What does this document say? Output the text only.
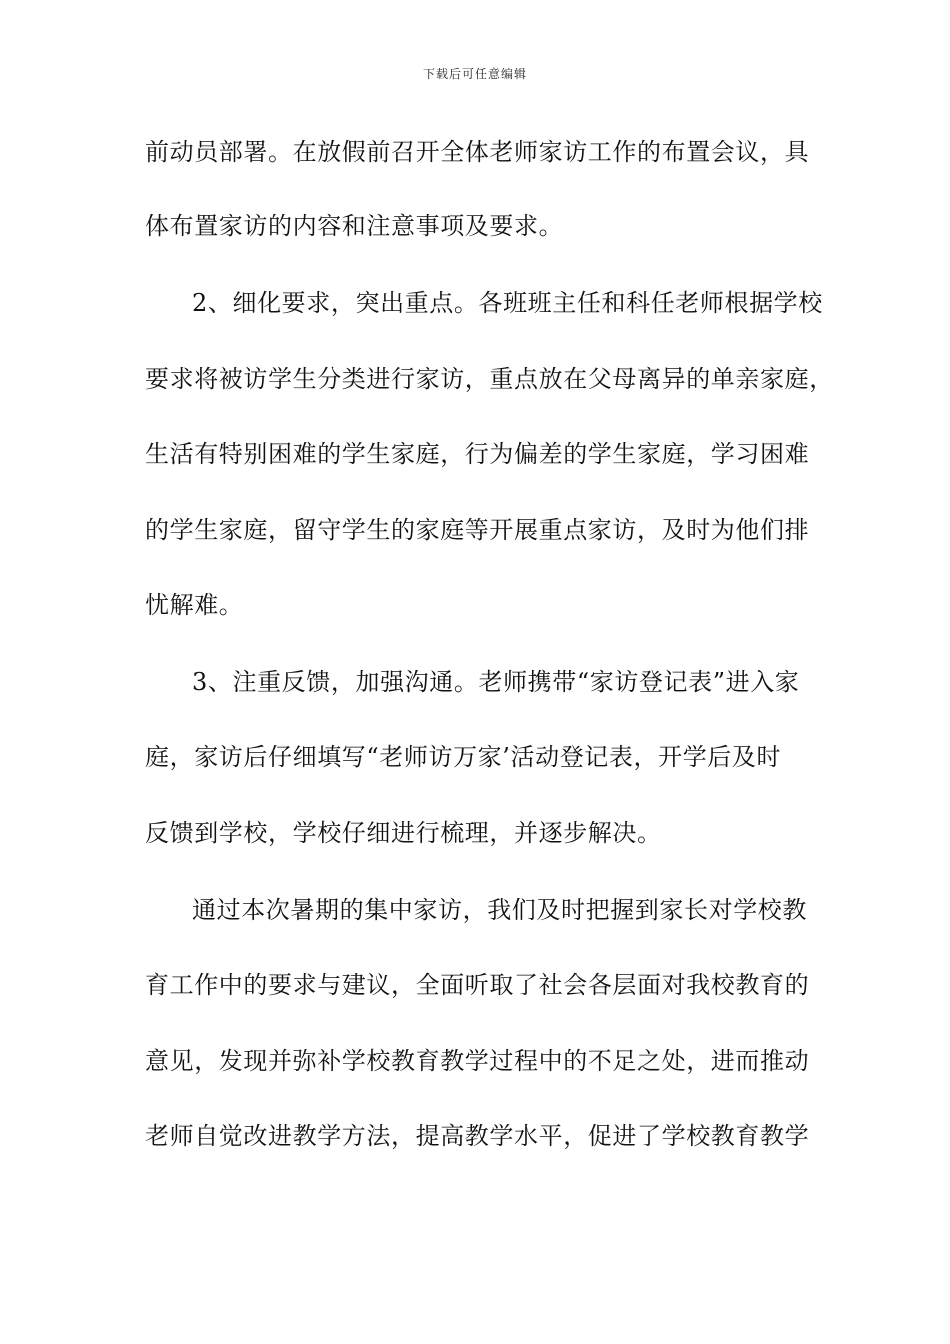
下载后可任意编辑
前动员部署。在放假前召开全体老师家访工作的布置会议，具
体布置家访的内容和注意事项及要求。
2、细化要求，突出重点。各班班主任和科任老师根据学校
要求将被访学生分类进行家访，重点放在父母离异的单亲家庭，
生活有特别困难的学生家庭，行为偏差的学生家庭，学习困难
的学生家庭，留守学生的家庭等开展重点家访，及时为他们排
忧解难。
3、注重反馈，加强沟通。老师携带“家访登记表”进入家
庭，家访后仔细填写“老师访万家’活动登记表，开学后及时
反馈到学校，学校仔细进行梳理，并逐步解决。
通过本次暑期的集中家访，我们及时把握到家长对学校教
育工作中的要求与建议，全面听取了社会各层面对我校教育的
意见，发现并弥补学校教育教学过程中的不足之处，进而推动
老师自觉改进教学方法，提高教学水平，促进了学校教育教学
